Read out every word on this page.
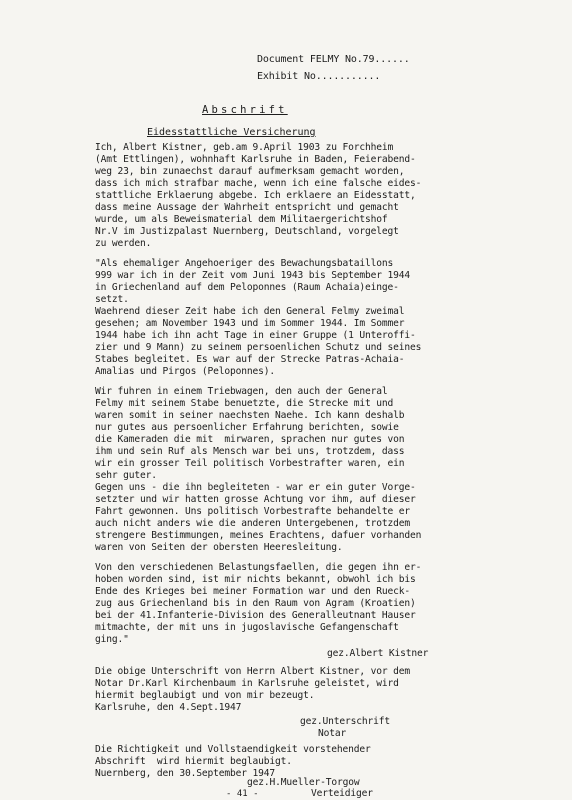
Document FELMY No.79......
Exhibit No...........
Abschrift
Eidesstattliche Versicherung
Ich, Albert Kistner, geb.am 9.April 1903 zu Forchheim
(Amt Ettlingen), wohnhaft Karlsruhe in Baden, Feierabend-
weg 23, bin zunaechst darauf aufmerksam gemacht worden,
dass ich mich strafbar mache, wenn ich eine falsche eides-
stattliche Erklaerung abgebe. Ich erklaere an Eidesstatt,
dass meine Aussage der Wahrheit entspricht und gemacht
wurde, um als Beweismaterial dem Militaergerichtshof
Nr.V im Justizpalast Nuernberg, Deutschland, vorgelegt
zu werden.
"Als ehemaliger Angehoeriger des Bewachungsbataillons
999 war ich in der Zeit vom Juni 1943 bis September 1944
in Griechenland auf dem Peloponnes (Raum Achaia)einge-
setzt.
Waehrend dieser Zeit habe ich den General Felmy zweimal
gesehen; am November 1943 und im Sommer 1944. Im Sommer
1944 habe ich ihn acht Tage in einer Gruppe (1 Unteroffi-
zier und 9 Mann) zu seinem persoenlichen Schutz und seines
Stabes begleitet. Es war auf der Strecke Patras-Achaia-
Amalias und Pirgos (Peloponnes).
Wir fuhren in einem Triebwagen, den auch der General
Felmy mit seinem Stabe benuetzte, die Strecke mit und
waren somit in seiner naechsten Naehe. Ich kann deshalb
nur gutes aus persoenlicher Erfahrung berichten, sowie
die Kameraden die mit  mirwaren, sprachen nur gutes von
ihm und sein Ruf als Mensch war bei uns, trotzdem, dass
wir ein grosser Teil politisch Vorbestrafter waren, ein
sehr guter.
Gegen uns - die ihn begleiteten - war er ein guter Vorge-
setzter und wir hatten grosse Achtung vor ihm, auf dieser
Fahrt gewonnen. Uns politisch Vorbestrafte behandelte er
auch nicht anders wie die anderen Untergebenen, trotzdem
strengere Bestimmungen, meines Erachtens, dafuer vorhanden
waren von Seiten der obersten Heeresleitung.
Von den verschiedenen Belastungsfaellen, die gegen ihn er-
hoben worden sind, ist mir nichts bekannt, obwohl ich bis
Ende des Krieges bei meiner Formation war und den Rueck-
zug aus Griechenland bis in den Raum von Agram (Kroatien)
bei der 41.Infanterie-Division des Generalleutnant Hauser
mitmachte, der mit uns in jugoslavische Gefangenschaft
ging."
gez.Albert Kistner
Die obige Unterschrift von Herrn Albert Kistner, vor dem
Notar Dr.Karl Kirchenbaum in Karlsruhe geleistet, wird
hiermit beglaubigt und von mir bezeugt.
Karlsruhe, den 4.Sept.1947
gez.Unterschrift
Notar
Die Richtigkeit und Vollstaendigkeit vorstehender
Abschrift  wird hiermit beglaubigt.
Nuernberg, den 30.September 1947
gez.H.Mueller-Torgow
Verteidiger
- 41 -
